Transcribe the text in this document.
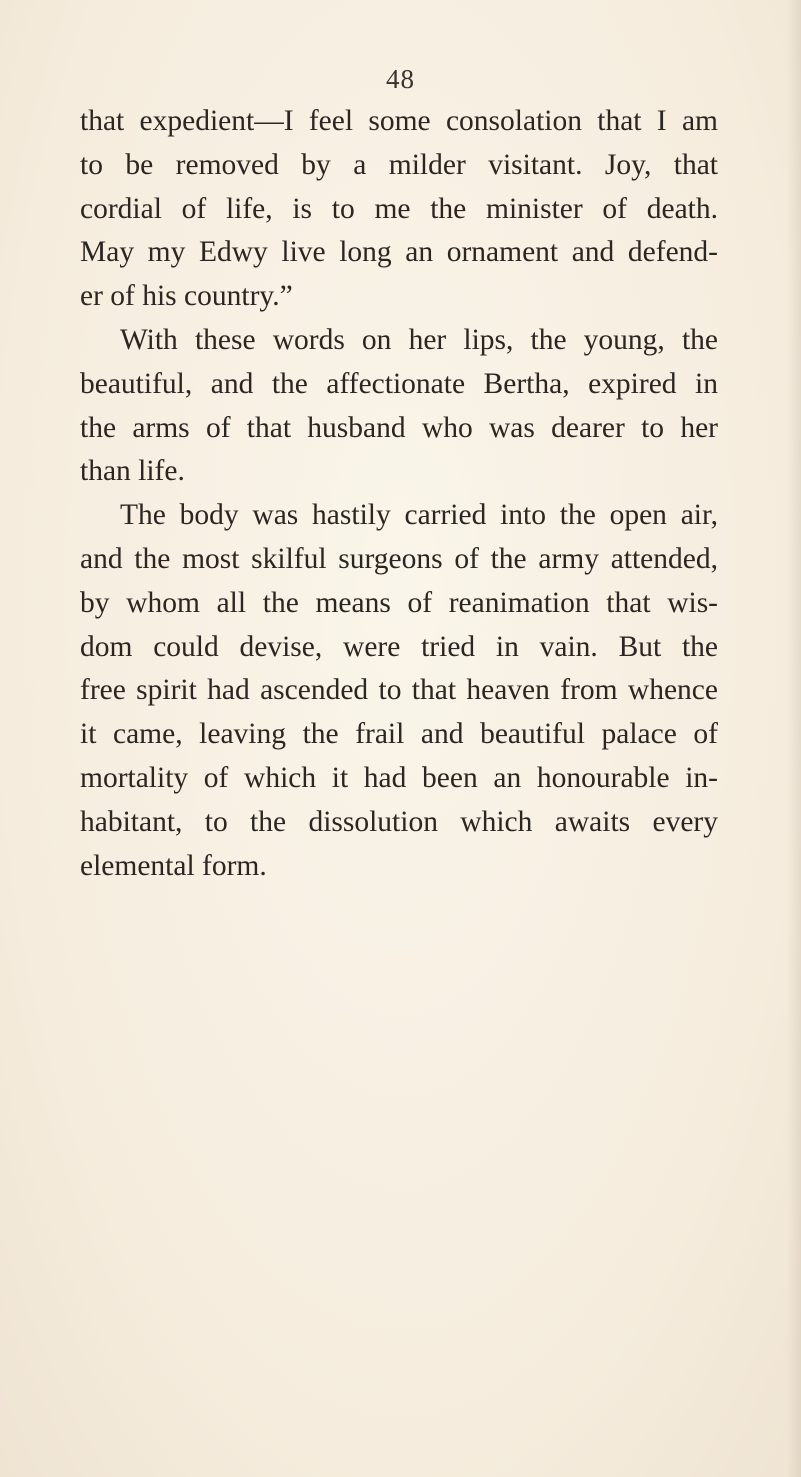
48
that expedient—I feel some consolation that I am
to be removed by a milder visitant. Joy, that
cordial of life, is to me the minister of death.
May my Edwy live long an ornament and defend-
er of his country.”
With these words on her lips, the young, the
beautiful, and the affectionate Bertha, expired in
the arms of that husband who was dearer to her
than life.
The body was hastily carried into the open air,
and the most skilful surgeons of the army attended,
by whom all the means of reanimation that wis-
dom could devise, were tried in vain. But the
free spirit had ascended to that heaven from whence
it came, leaving the frail and beautiful palace of
mortality of which it had been an honourable in-
habitant, to the dissolution which awaits every
elemental form.
